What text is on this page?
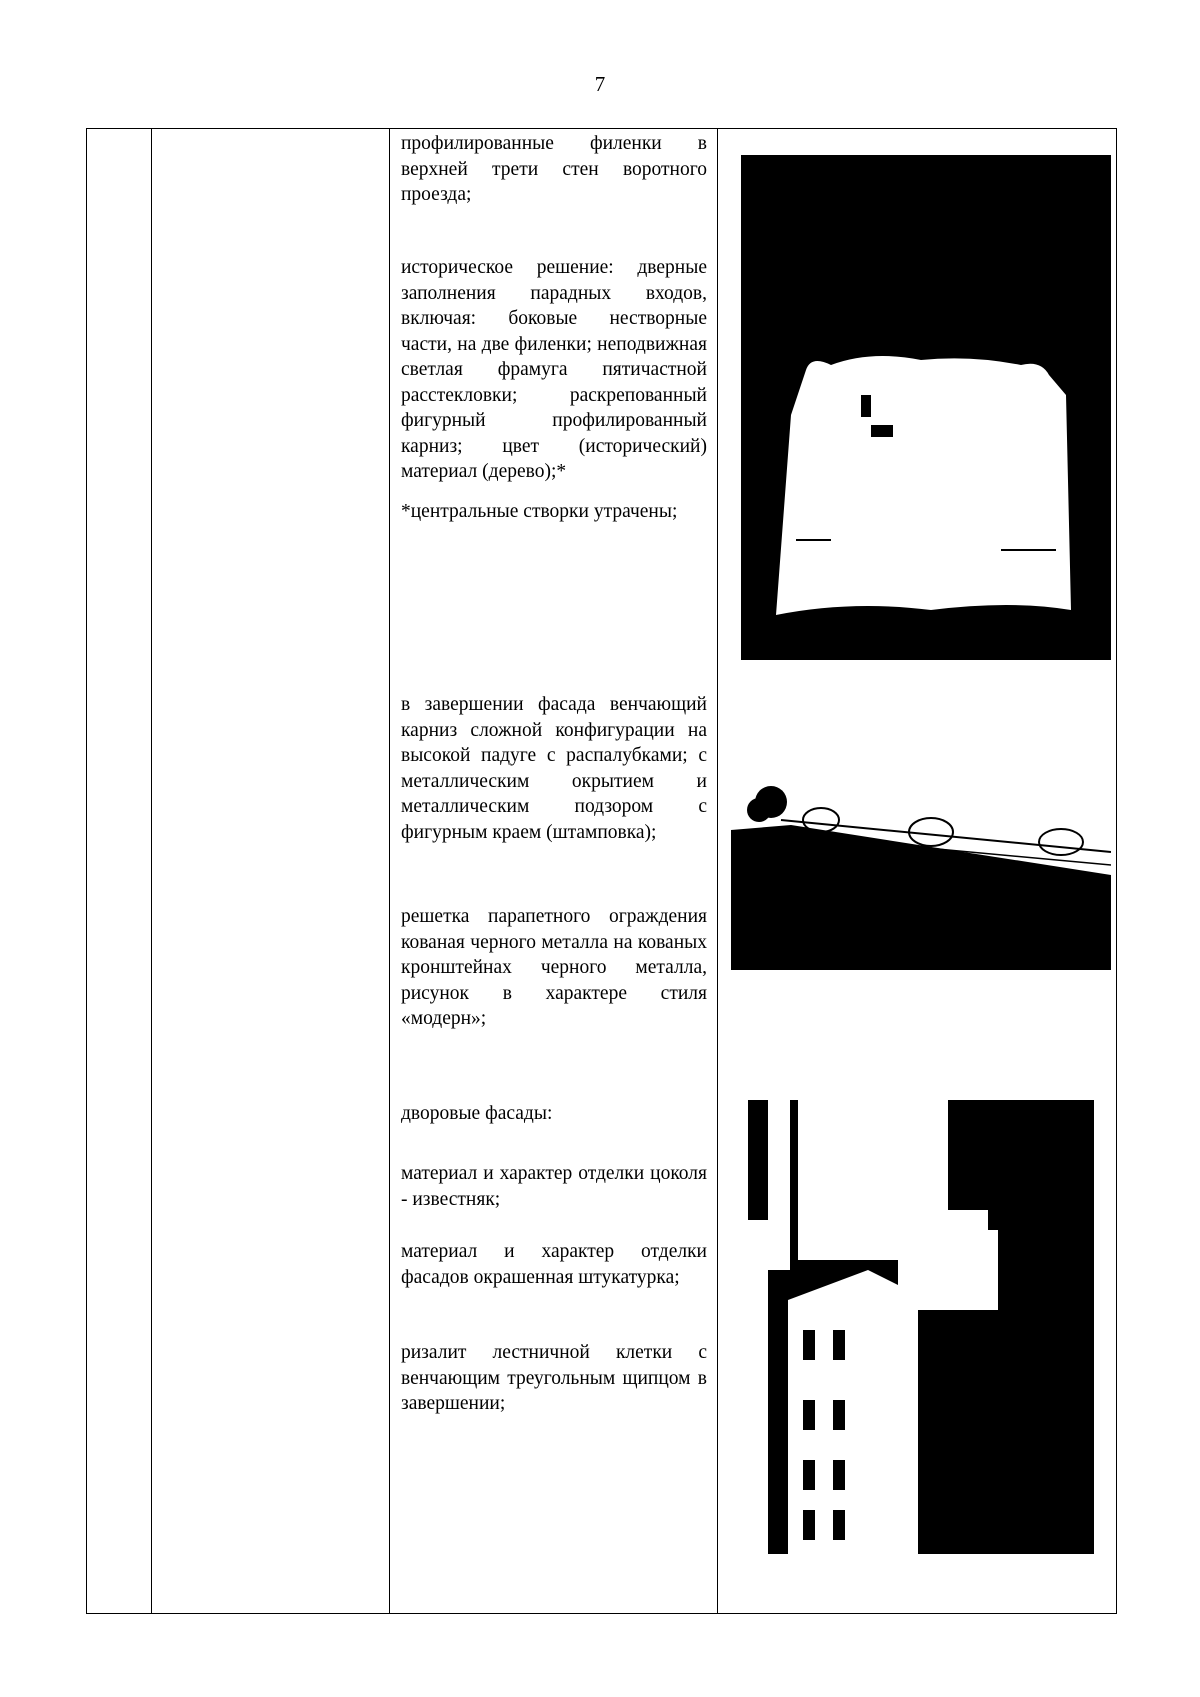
7
профилированные филенки в верхней трети стен воротного проезда;
историческое решение: дверные заполнения парадных входов, включая: боковые нестворные части, на две филенки; неподвижная светлая фрамуга пятичастной расстекловки; раскрепованный фигурный профилированный карниз; цвет (исторический) материал (дерево);*
*центральные створки утрачены;
в завершении фасада венчающий карниз сложной конфигурации на высокой падуге с распалубками; с металлическим окрытием и металлическим подзором с фигурным краем (штамповка);
решетка парапетного ограждения кованая черного металла на кованых кронштейнах черного металла, рисунок в характере стиля «модерн»;
дворовые фасады:
материал и характер отделки цоколя - известняк;
материал и характер отделки фасадов окрашенная штукатурка;
ризалит лестничной клетки с венчающим треугольным щипцом в завершении;
